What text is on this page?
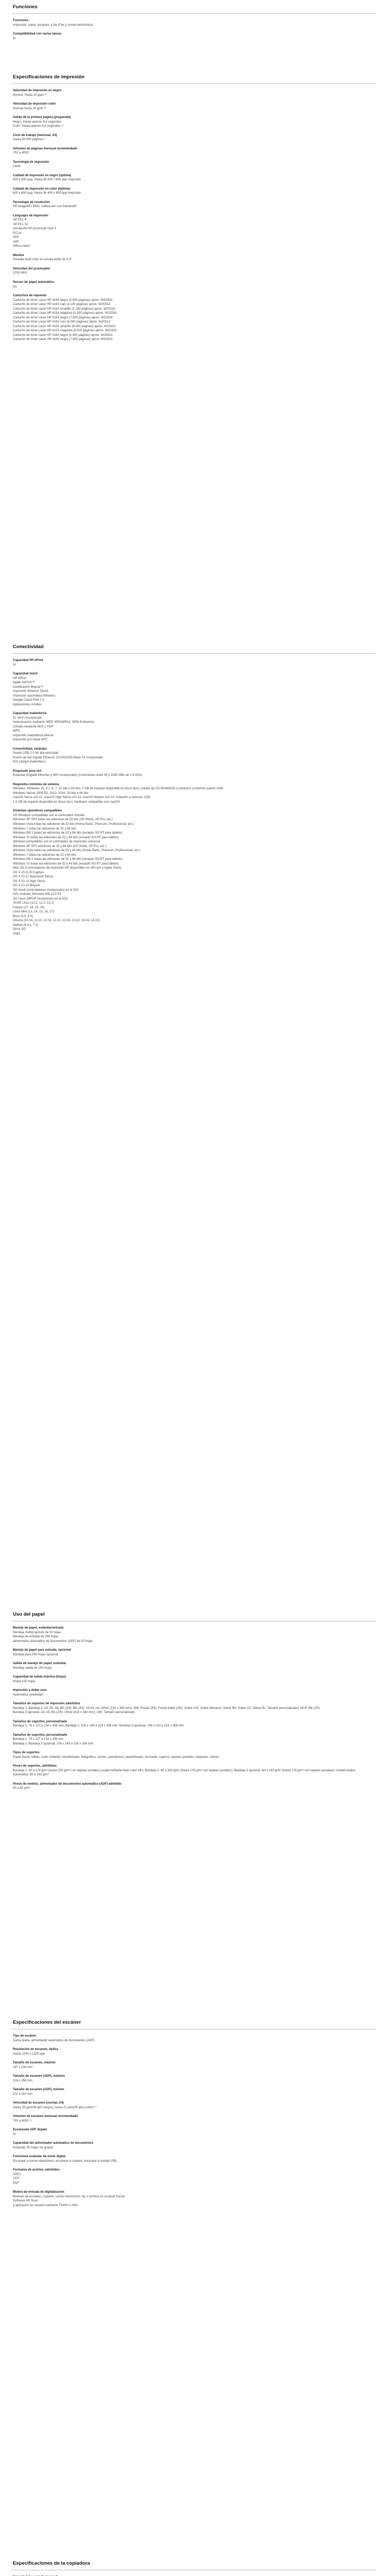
Funciones
Funciones
Impresión, copia, escaneo, y fax (Fax y correo electrónico)
Compatibilidad con varias tareas
Sí
Especificaciones de impresión
Velocidad de impresión en negro
Normal: Hasta 20 ppm ¹⁰
Velocidad de impresión color
Normal:Hasta 20 ppm ¹⁰
Salida de la primera página (preparada)
Negro: Hasta apenas 8,4 segundos
Color: Hasta apenas 9,8 segundos ¹²
Ciclo de trabajo (mensual, A4)
Hasta 50.000 páginas ⁶
Volumen de páginas mensual recomendado
750 a 4000 ⁷
Tecnología de impresión
Láser
Calidad de impresión en negro (óptima)
600 x 600 ppp, Hasta 38 400 x 600 ppp mejorado
Calidad de impresión en color (óptima)
600 x 600 ppp, Hasta 38 400 x 600 ppp mejorado
Tecnología de resolución
HP ImageREt 3600, calibración con Pantone®
Lenguajes de impresión
HP PCL 6
HP PCL 5c
emulación HP postscript nivel 3
PCLm
PDF
URF
Office nativo
Monitor
Pantalla táctil color en escala doble de 4,3"
Velocidad del procesador
1200 MHz
Sensor de papel automático
No
Cartuchos de repuesto
Cartucho de tóner Láser HP 415A negro (2.400 páginas) aprox. W2030A
Cartucho de tóner Láser HP 415A cian (2.100 páginas) aprox. W2031A
Cartucho de tóner Láser HP 415A amarillo (2.100 páginas) aprox. W2032A
Cartucho de tóner Láser HP 415A magenta (2.100 páginas) aprox. W2033A
Cartucho de tóner Láser HP 415X negro (7.500 páginas) aprox. W2030X
Cartucho de tóner Láser HP 415X cian (6.000 páginas) aprox. W2031X
Cartucho de tóner Láser HP 415X amarillo (6.000 páginas) aprox. W2032X
Cartucho de tóner Láser HP 415X magenta (6.000 páginas) aprox. W2033X
Cartucho de tóner Láser HP 416A negro (2.400 páginas) aprox. W2040A
Cartucho de tóner Láser HP 416X negro (7.500 páginas) aprox. W2040X
Conectividad
Capacidad HP ePrint
Sí
Capacidad móvil
HP ePrint
Apple AirPrint™
Certificación Mopria™
Impresión Wireless Direct
Impresión automática Wireless
Google Cloud Print 2.0
Aplicaciones móviles
Capacidad inalámbrica
Sí, Wi-Fi incorporado
Autenticación mediante WEP, WPA/WPA2, WPA Enterprise;
Cifrado mediante AES o TKIP
WPS
Impresión inalámbrica directa
Impresión por toque NFC
Conectividad, estándar
Puerto USB 2.0 de alta velocidad
Puerto de red Gigabit Ethernet 10/100/1000 Base-TX incorporado
802.11b/g/n inalámbrico
Preparado para red
Estándar (Gigabit Ethernet y WiFi incorporado) (Conexiones entre 90 y 1500 MBs de 2,4 GHz)
Requisitos mínimos de sistema
Windows: Windows 10, 8.1, 8, 7: 32 bits o 64 bits, 2 GB de espacio disponible en disco duro, unidad de CD-ROM/DVD o conexión a Internet, puerto USB
Windows Server 2008 R2, 2012, 2016: 32 bits o 64 bits
macOS Sierra v10.12, macOS High Sierra v10.13, macOS Mojave v10.14; conexión a Internet; USB
1.5 GB de espacio disponible en disco duro; hardware compatible con macOS
Sistemas operativos compatibles
SO Windows compatibles con el controlador incluido
Windows XP SP3 todas las ediciones de 32 bits (XP Home, XP Pro, etc.)
Windows Vista todas las ediciones de 32 bits (Home Basic, Premium, Professional, etc.)
Windows 7 todas las ediciones de 32 y 64 bits
Windows 8/8.1 todas las ediciones de 32 y 64 bits (excepto SO RT para tablets)
Windows 10 todas las ediciones de 32 y 64 bits (excepto SO RT para tablets)
Windows compatibles con el controlador de impresión universal
Windows XP SP3 ediciones de 32 y 64 bits (XP Home, XP Pro, etc.)
Windows Vista todas las ediciones de 32 y 64 bits (Home Basic, Premium, Professional, etc.)
Windows 7 todas las ediciones de 32 y 64 bits
Windows 8/8.1 todas las ediciones de 32 y 64 bits (excepto SO RT para tablets)
Windows 10 todas las ediciones de 32 y 64 bits (excepto SO RT para tablets)
Mac OS (Controladores de impresión HP disponibles en HP.com y Apple Store)
OS X 10.11 El Capitan
OS X 10.12 Macintosh Sierra
OS X 10.13 High Sierra
OS X 10.14 Mojave
SO móvil (controladores incorporados en el SO)
iOS, Android, Windows 8/8.1/10 RT
SO Linux (HPLIP incorporado en el SO)
SUSE Linux (12.2, 12.3, 13.1)
Fedora (17, 18, 19, 20)
Linux Mint (13, 14, 15, 16, 17)
Boss (3.0, 5.0)
Ubuntu (10.04, 11.10, 12.04, 12.10, 13.04, 13.10, 14.04, 14.10)
Debian (6.0.x, 7.x)
Otros SO
UNIX
Uso del papel
Manejo de papel, estándar/entrada
Bandeja multipropósito de 50 hojas
Bandeja de entrada de 250 hojas
alimentador automático de documentos (ADF) de 50 hojas
Manejo de papel para entrada, opcional
Bandeja para 550 hojas opcional
Salida de manejo de papel, estándar
Bandeja salida de 150 hojas
Capacidad de salida máxima (hojas)
Hasta 150 hojas
Impresión a doble cara
Automática (estándar)
Tamaños de soportes de impresión admitidos
Bandeja 1: Bandeja 2: A4; A5; A6; B5 (JIS); B6 (JIS); 10x15 cm; Oficio (216 x 340 mm); 16K; Postal (JIS); Postal doble (JIS); Sobre #10; Sobre Monarch; Sobre B5; Sobre C5; Sobre DL; Tamaño personalizado; A5-R; B6 (JIS)
Bandeja 3 opcional: A4; A5; B5 (JIS); Oficio (216 x 340 mm); 16K; Tamaño personalizado
Tamaños de soportes, personalizado
Bandeja 1: 76 x 127 a 216 x 356 mm; Bandeja 2: 105 x 148 a 216 x 356 mm; Bandeja 3 opcional: 148 x 210 a 216 x 356 mm
Tamaños de soportes, personalizado
Bandeja 1: 76 x 127 a 216 x 356 mm
Bandeja 2, Bandeja 3 opcional: 105 x 148 a 216 x 356 mm
Tipos de soportes
Papel (bond, folleto, color, brillante, membretado, fotográfico, común, preimpreso, preperforado, reciclado, rugoso), tarjetas postales, etiquetas, sobres
Pesos de soportes, admitidos
Bandeja 1: 60 a 176 g/m² (hasta 200 g/m² con tarjetas postales y papel brillante láser color HP); Bandeja 2: 60 a 163 g/m² (hasta 176 g/m² con tarjetas postales); Bandeja 3 opcional: 60 a 163 g/m² (hasta 176 g/m² con tarjetas postales); Unidad dúplex automática: 60 a 163 g/m²
Pesos de medios, alimentador de documentos automático (ADF) admitido
60 a 90 g/m²
Especificaciones del escáner
Tipo de escáner
Cama plana, alimentador automático de documentos (ADF)
Resolución de escaneo, óptica
Hasta 1200 x 1200 ppp
Tamaño de escaneo, máximo
297 x 216 mm
Tamaño de escaneo (ADF), máximo
216 x 356 mm
Tamaño de escaneo (ADF), mínimo
102 x 152 mm
Velocidad de escaneo (normal, A4)
Hasta 29 ppm/46 ipm (negro), hasta 21 ppm/30 ipm (color) ¹⁴
Volumen de escaneo mensual recomendado
750 a 4000 ¹⁵
Escaneado ADF dúplex
Sí
Capacidad del alimentador automático de documentos
Estándar, 50 hojas sin grapar
Funciones estándar de envío digital
Escanear a correo electrónico; escanear a carpeta; escanear a unidad USB
Formatos de archivo, admitidos
JPEG
TIFF
PDF
Modos de entrada de digitalización
Botones de escaneo, copiado, correo electrónico, fax o archivo en el panel frontal
Software HP Scan
y aplicación de usuario mediante TWAIN o WIA
Especificaciones de la copiadora
